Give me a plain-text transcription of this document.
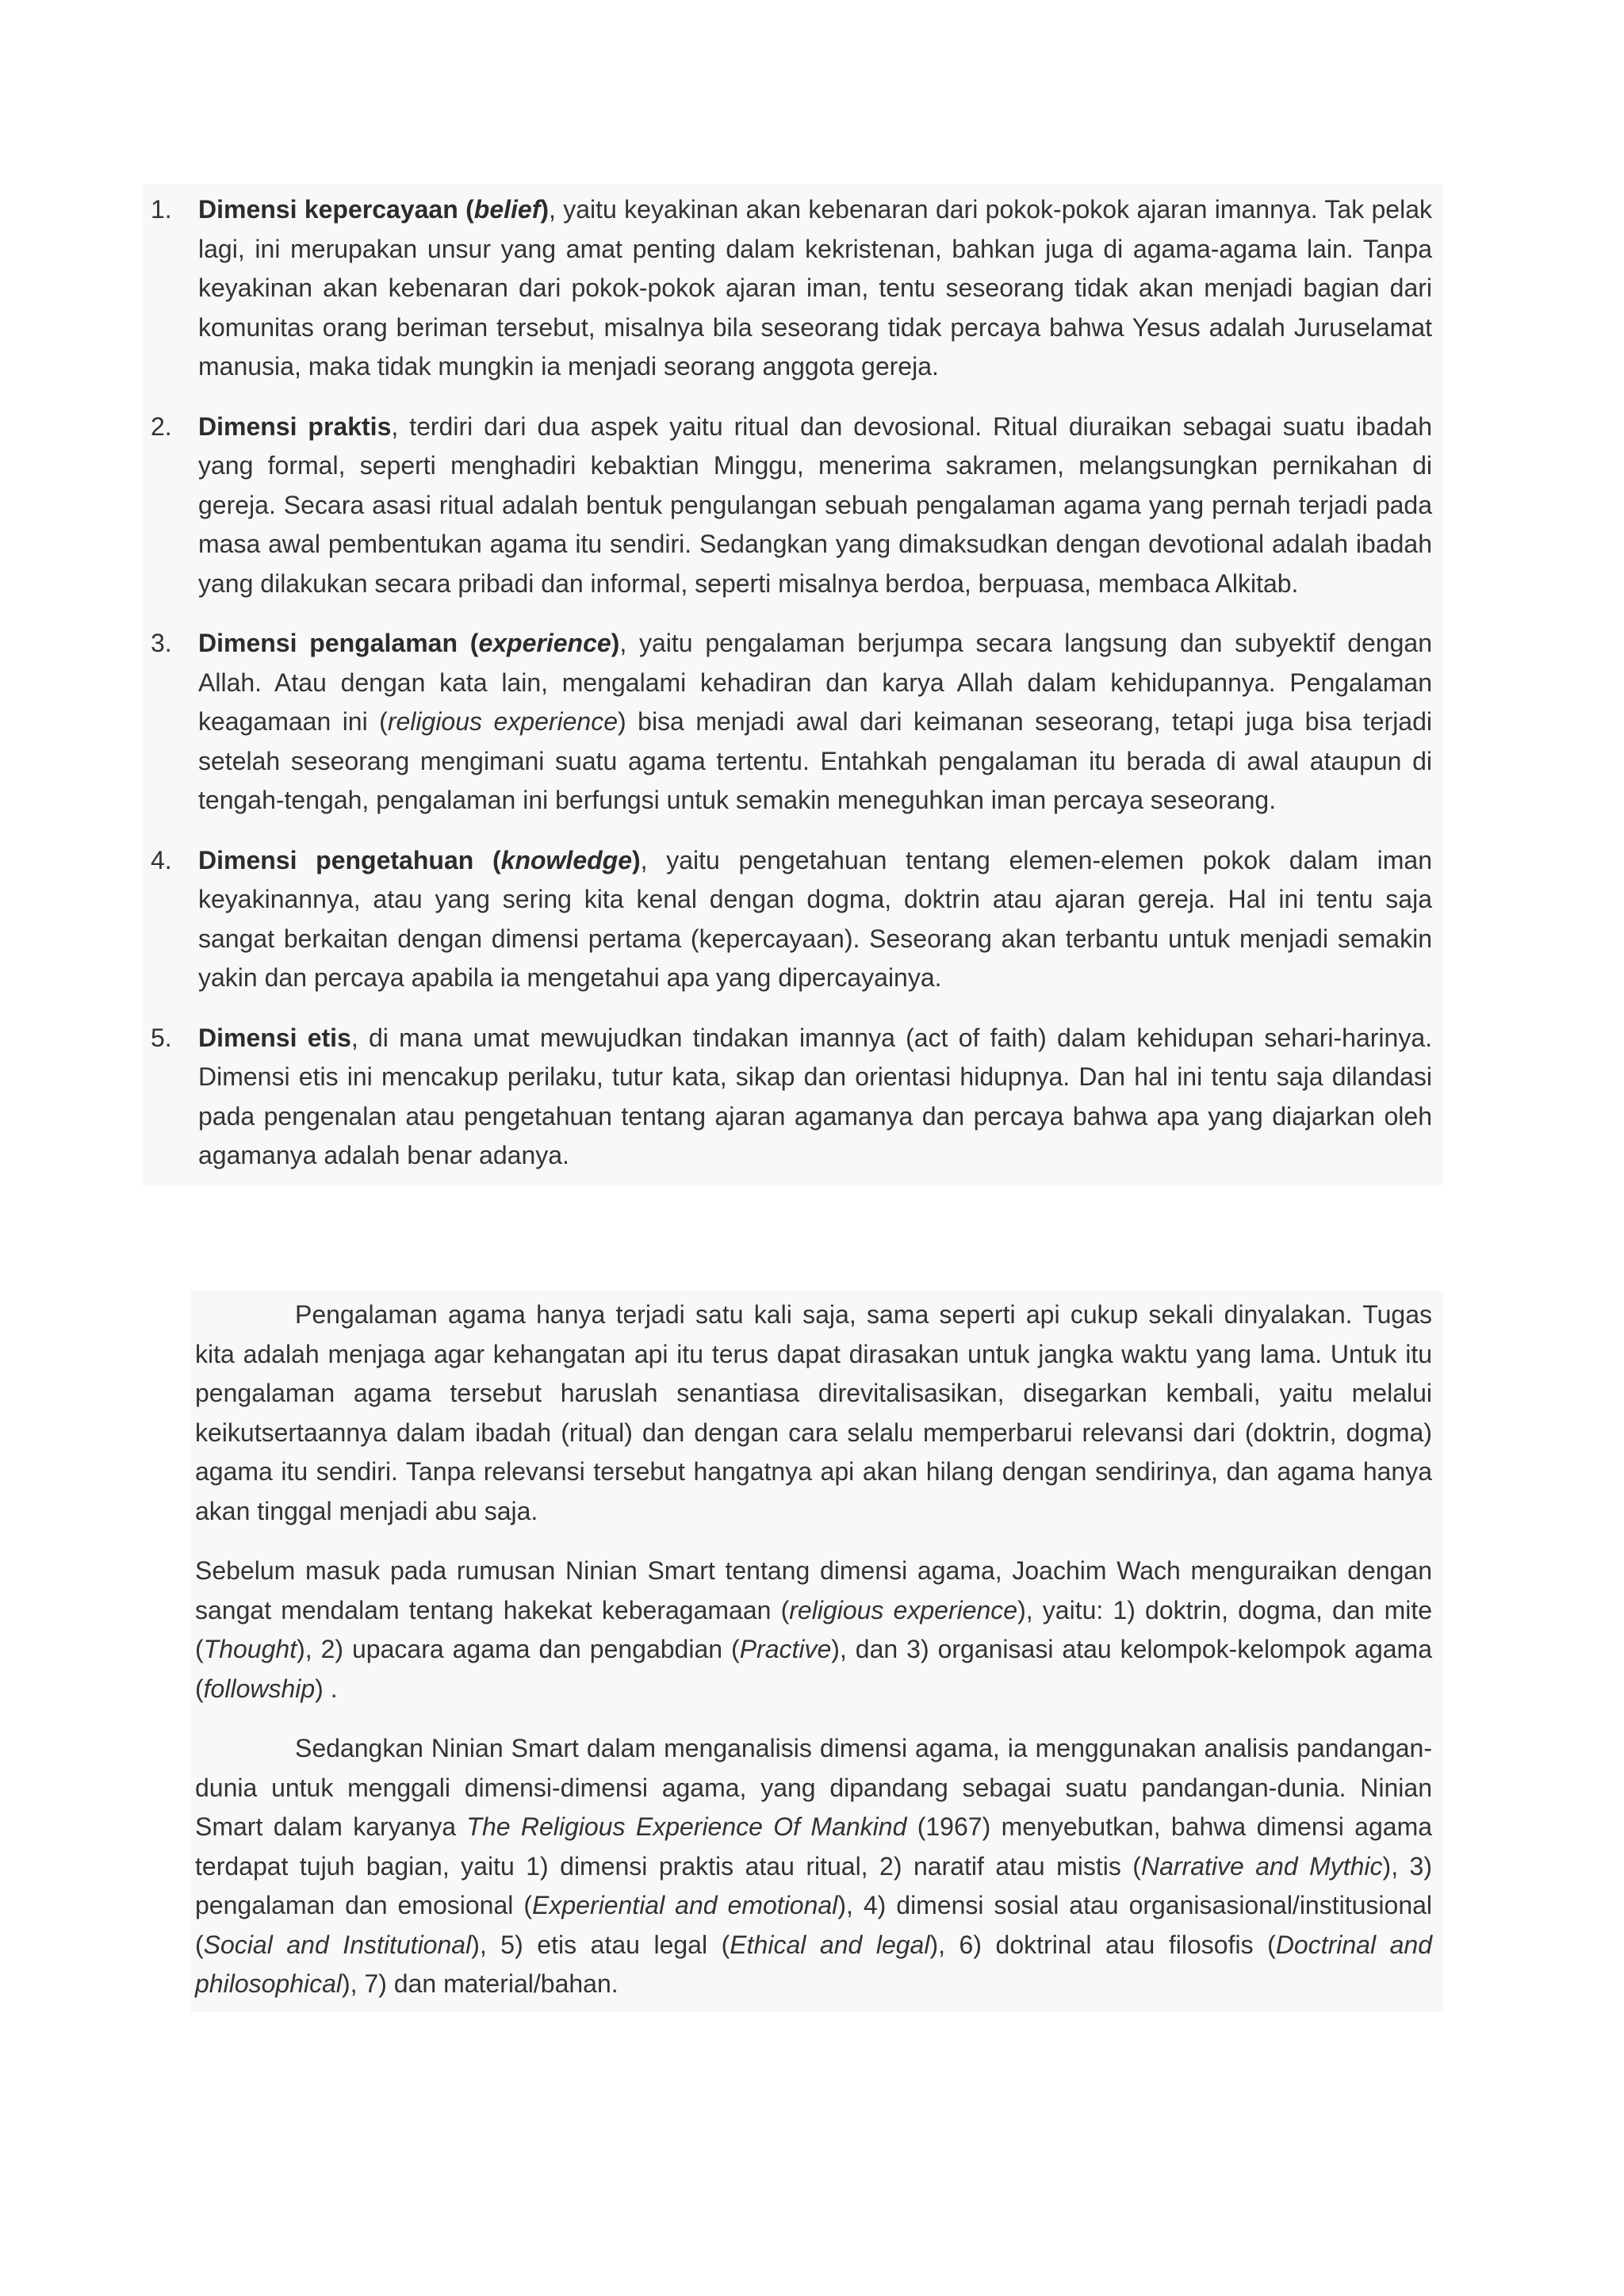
1. Dimensi kepercayaan (belief), yaitu keyakinan akan kebenaran dari pokok-pokok ajaran imannya. Tak pelak lagi, ini merupakan unsur yang amat penting dalam kekristenan, bahkan juga di agama-agama lain. Tanpa keyakinan akan kebenaran dari pokok-pokok ajaran iman, tentu seseorang tidak akan menjadi bagian dari komunitas orang beriman tersebut, misalnya bila seseorang tidak percaya bahwa Yesus adalah Juruselamat manusia, maka tidak mungkin ia menjadi seorang anggota gereja.
2. Dimensi praktis, terdiri dari dua aspek yaitu ritual dan devosional. Ritual diuraikan sebagai suatu ibadah yang formal, seperti menghadiri kebaktian Minggu, menerima sakramen, melangsungkan pernikahan di gereja. Secara asasi ritual adalah bentuk pengulangan sebuah pengalaman agama yang pernah terjadi pada masa awal pembentukan agama itu sendiri. Sedangkan yang dimaksudkan dengan devotional adalah ibadah yang dilakukan secara pribadi dan informal, seperti misalnya berdoa, berpuasa, membaca Alkitab.
3. Dimensi pengalaman (experience), yaitu pengalaman berjumpa secara langsung dan subyektif dengan Allah. Atau dengan kata lain, mengalami kehadiran dan karya Allah dalam kehidupannya. Pengalaman keagamaan ini (religious experience) bisa menjadi awal dari keimanan seseorang, tetapi juga bisa terjadi setelah seseorang mengimani suatu agama tertentu. Entahkah pengalaman itu berada di awal ataupun di tengah-tengah, pengalaman ini berfungsi untuk semakin meneguhkan iman percaya seseorang.
4. Dimensi pengetahuan (knowledge), yaitu pengetahuan tentang elemen-elemen pokok dalam iman keyakinannya, atau yang sering kita kenal dengan dogma, doktrin atau ajaran gereja. Hal ini tentu saja sangat berkaitan dengan dimensi pertama (kepercayaan). Seseorang akan terbantu untuk menjadi semakin yakin dan percaya apabila ia mengetahui apa yang dipercayainya.
5. Dimensi etis, di mana umat mewujudkan tindakan imannya (act of faith) dalam kehidupan sehari-harinya. Dimensi etis ini mencakup perilaku, tutur kata, sikap dan orientasi hidupnya. Dan hal ini tentu saja dilandasi pada pengenalan atau pengetahuan tentang ajaran agamanya dan percaya bahwa apa yang diajarkan oleh agamanya adalah benar adanya.

Pengalaman agama hanya terjadi satu kali saja, sama seperti api cukup sekali dinyalakan. Tugas kita adalah menjaga agar kehangatan api itu terus dapat dirasakan untuk jangka waktu yang lama. Untuk itu pengalaman agama tersebut haruslah senantiasa direvitalisasikan, disegarkan kembali, yaitu melalui keikutsertaannya dalam ibadah (ritual) dan dengan cara selalu memperbarui relevansi dari (doktrin, dogma) agama itu sendiri. Tanpa relevansi tersebut hangatnya api akan hilang dengan sendirinya, dan agama hanya akan tinggal menjadi abu saja.

Sebelum masuk pada rumusan Ninian Smart tentang dimensi agama, Joachim Wach menguraikan dengan sangat mendalam tentang hakekat keberagamaan (religious experience), yaitu: 1) doktrin, dogma, dan mite (Thought), 2) upacara agama dan pengabdian (Practive), dan 3) organisasi atau kelompok-kelompok agama (followship) .

Sedangkan Ninian Smart dalam menganalisis dimensi agama, ia menggunakan analisis pandangan-dunia untuk menggali dimensi-dimensi agama, yang dipandang sebagai suatu pandangan-dunia. Ninian Smart dalam karyanya The Religious Experience Of Mankind (1967) menyebutkan, bahwa dimensi agama terdapat tujuh bagian, yaitu 1) dimensi praktis atau ritual, 2) naratif atau mistis (Narrative and Mythic), 3) pengalaman dan emosional (Experiential and emotional), 4) dimensi sosial atau organisasional/institusional (Social and Institutional), 5) etis atau legal (Ethical and legal), 6) doktrinal atau filosofis (Doctrinal and philosophical), 7) dan material/bahan.
